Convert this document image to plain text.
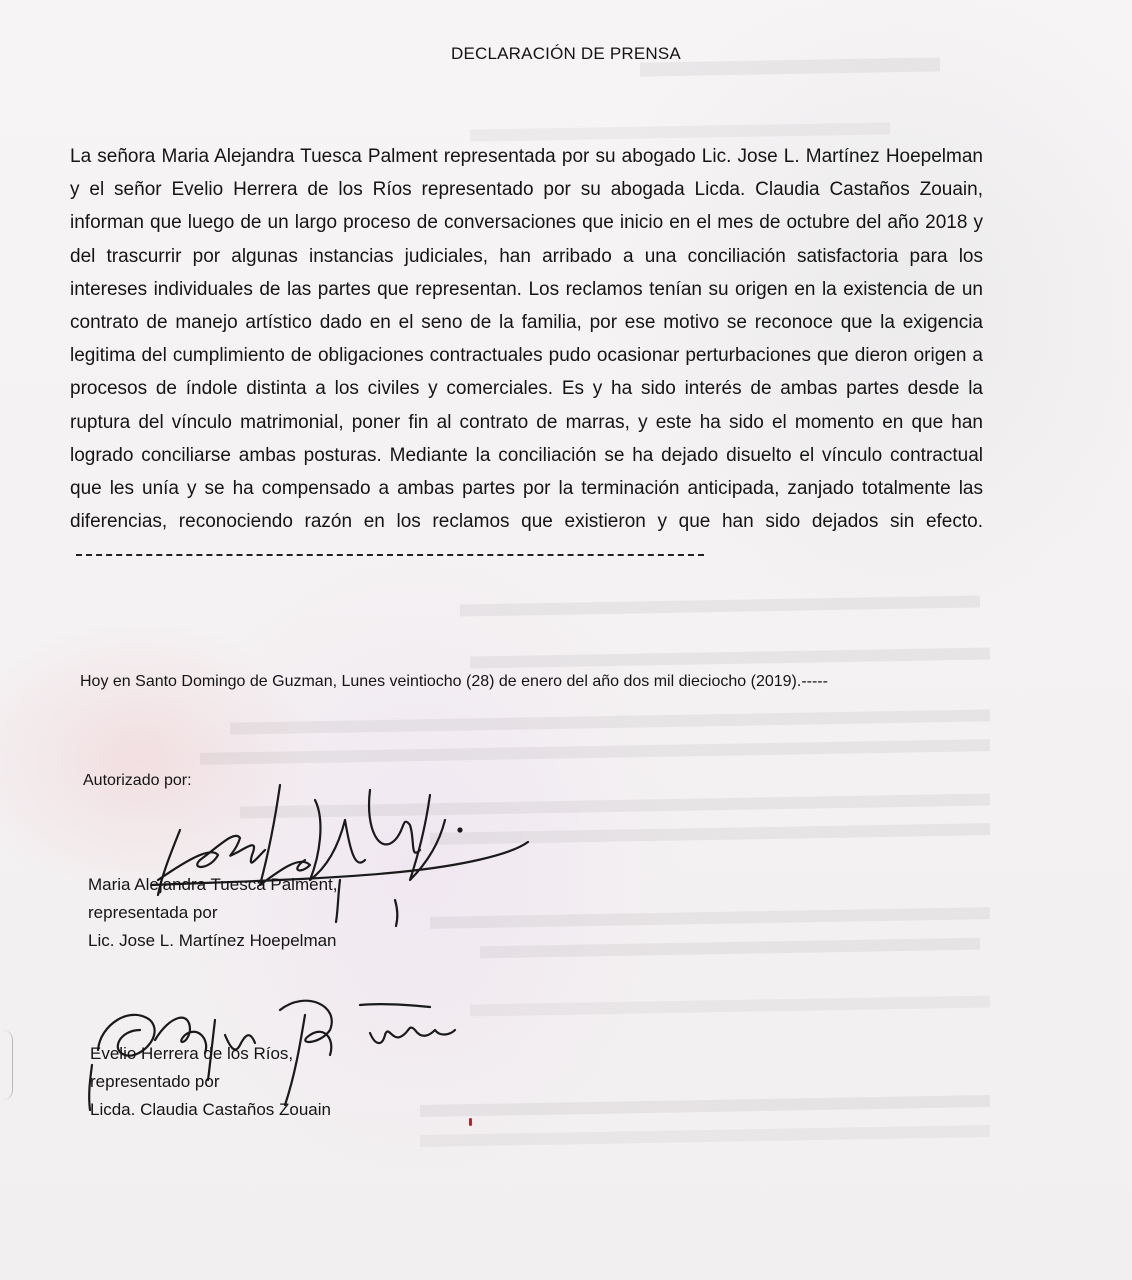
DECLARACIÓN DE PRENSA
La señora Maria Alejandra Tuesca Palment representada por su abogado Lic. Jose L. Martínez Hoepelman y el señor Evelio Herrera de los Ríos representado por su abogada Licda. Claudia Castaños Zouain, informan que luego de un largo proceso de conversaciones que inicio en el mes de octubre del año 2018 y del trascurrir por algunas instancias judiciales, han arribado a una conciliación satisfactoria para los intereses individuales de las partes que representan. Los reclamos tenían su origen en la existencia de un contrato de manejo artístico dado en el seno de la familia, por ese motivo se reconoce que la exigencia legitima del cumplimiento de obligaciones contractuales pudo ocasionar perturbaciones que dieron origen a procesos de índole distinta a los civiles y comerciales. Es y ha sido interés de ambas partes desde la ruptura del vínculo matrimonial, poner fin al contrato de marras, y este ha sido el momento en que han logrado conciliarse ambas posturas. Mediante la conciliación se ha dejado disuelto el vínculo contractual que les unía y se ha compensado a ambas partes por la terminación anticipada, zanjado totalmente las diferencias, reconociendo razón en los reclamos que existieron y que han sido dejados sin efecto.
Hoy en Santo Domingo de Guzman, Lunes veintiocho (28) de enero del año dos mil dieciocho (2019).-----
Autorizado por:
Maria Alejandra Tuesca Palment,
representada por
Lic. Jose L. Martínez Hoepelman
Evelio Herrera de los Ríos,
representado por
Licda. Claudia Castaños Zouain
